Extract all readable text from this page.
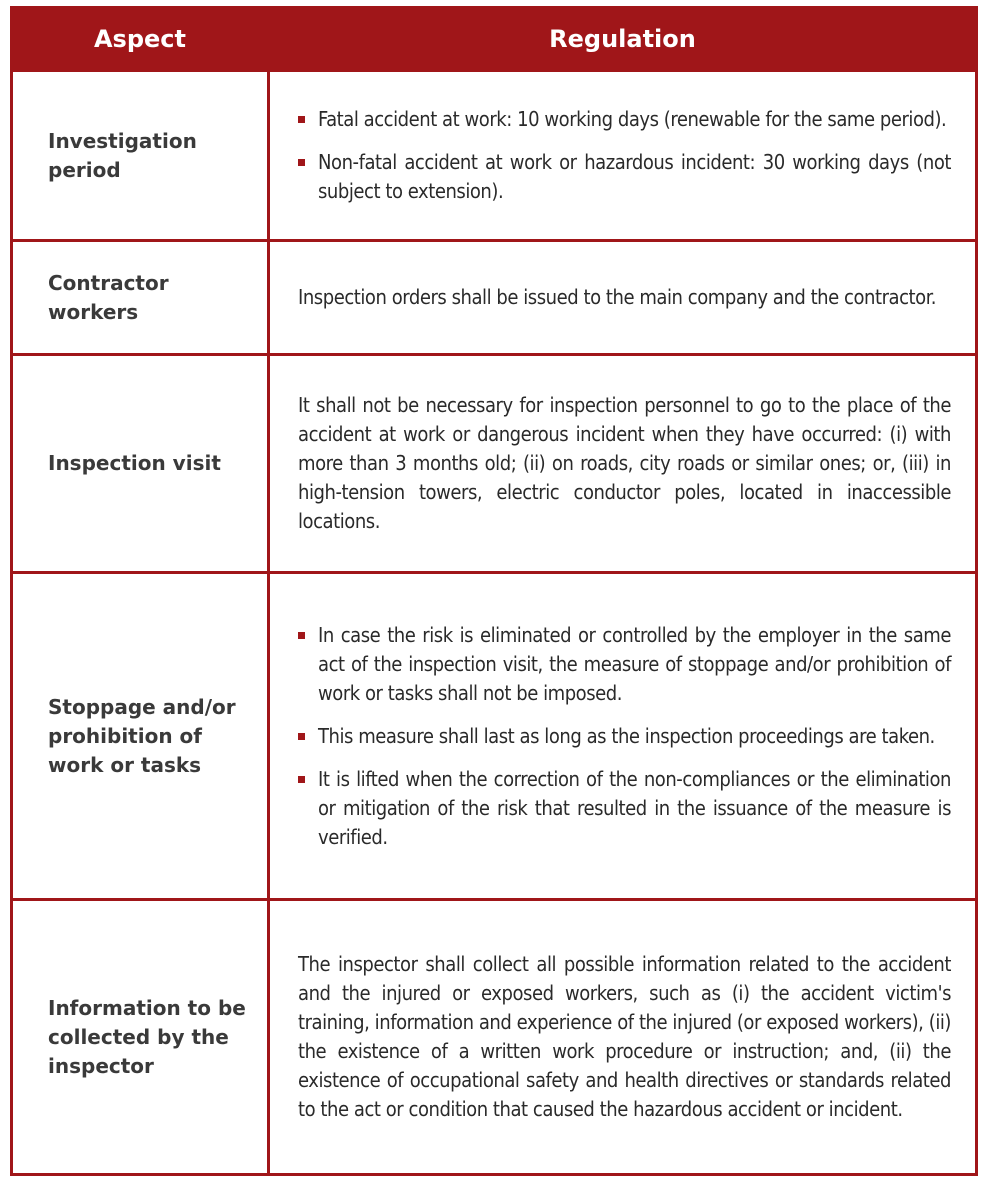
Aspect	Regulation
Investigation period
Fatal accident at work: 10 working days (renewable for the same period).
Non-fatal accident at work or hazardous incident: 30 working days (not subject to extension).
Contractor workers

Inspection orders shall be issued to the main company and the contractor.

Inspection visit

It shall not be necessary for inspection personnel to go to the place of the accident at work or dangerous incident when they have occurred: (i) with more than 3 months old; (ii) on roads, city roads or similar ones; or, (iii) in high-tension towers, electric conductor poles, located in inaccessible locations.

Stoppage and/or prohibition of work or tasks
In case the risk is eliminated or controlled by the employer in the same act of the inspection visit, the measure of stoppage and/or prohibition of work or tasks shall not be imposed.
This measure shall last as long as the inspection proceedings are taken.
It is lifted when the correction of the non-compliances or the elimination or mitigation of the risk that resulted in the issuance of the measure is verified.
Information to be collected by the inspector

The inspector shall collect all possible information related to the accident and the injured or exposed workers, such as (i) the accident victim's training, information and experience of the injured (or exposed workers), (ii) the existence of a written work procedure or instruction; and, (ii) the existence of occupational safety and health directives or standards related to the act or condition that caused the hazardous accident or incident.
